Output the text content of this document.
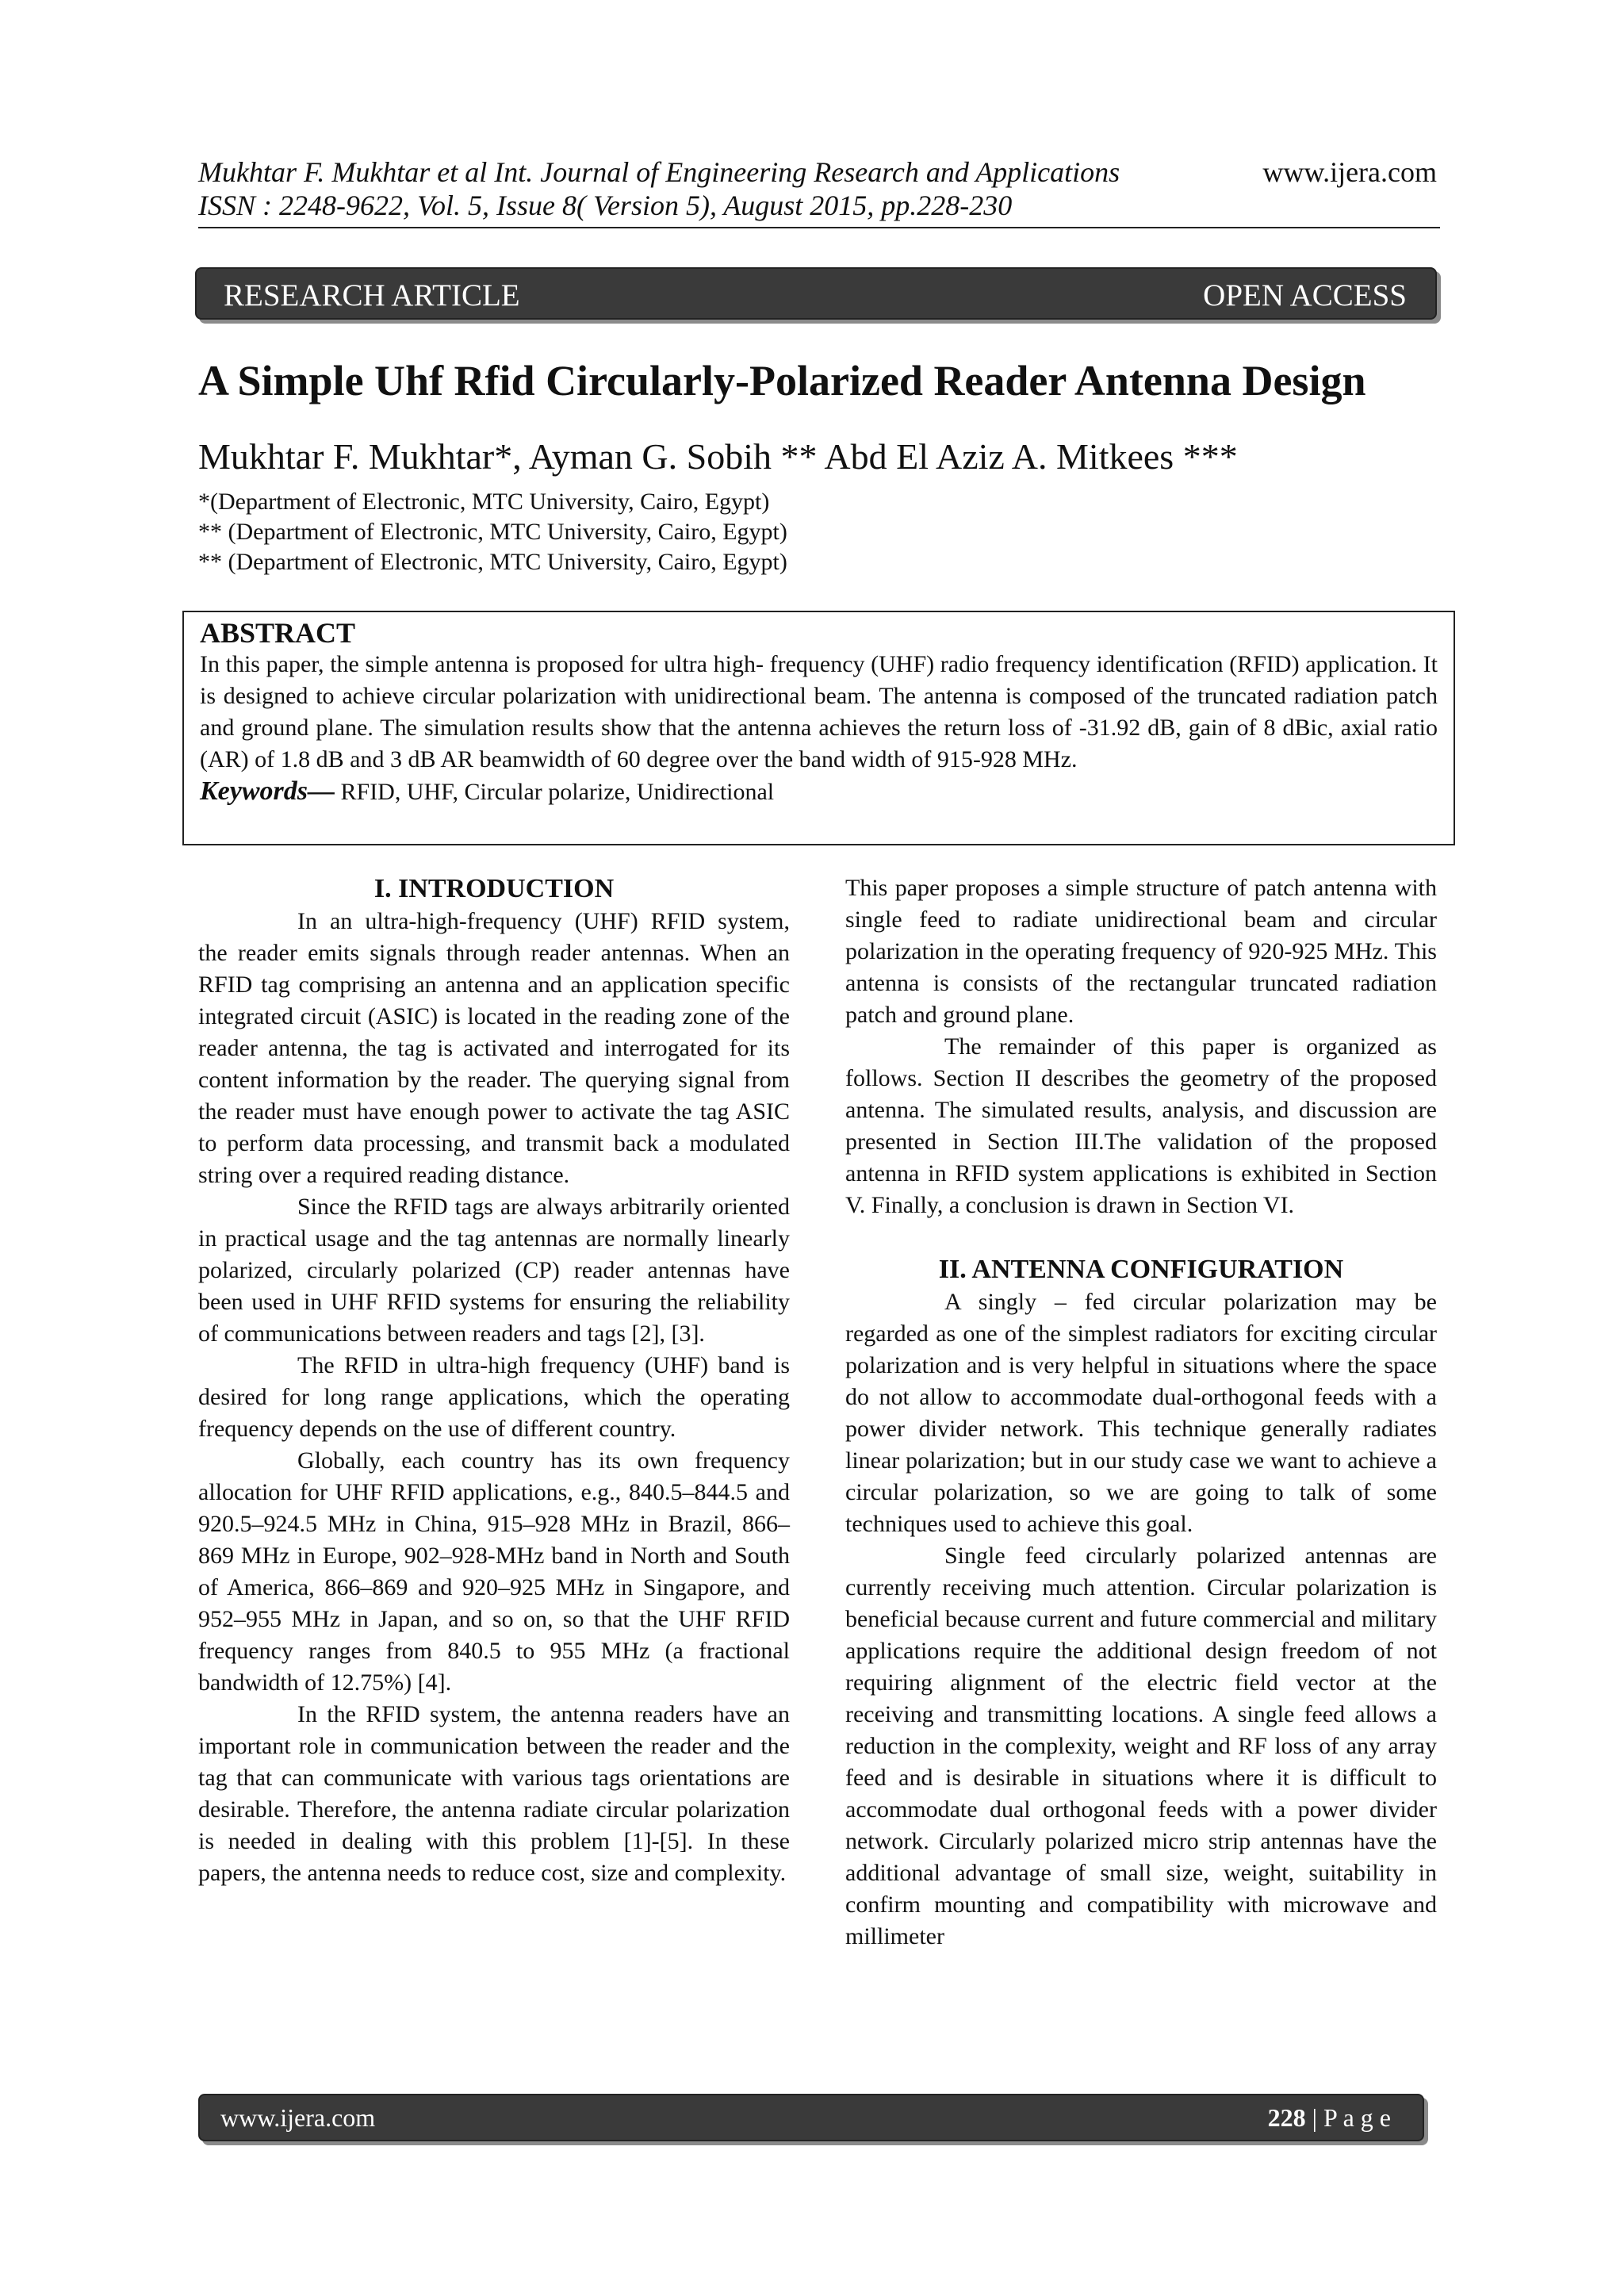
Mukhtar F. Mukhtar et al Int. Journal of Engineering Research and Applications
ISSN : 2248-9622, Vol. 5, Issue 8( Version 5), August 2015, pp.228-230
www.ijera.com
RESEARCH ARTICLE	OPEN ACCESS
A Simple Uhf Rfid Circularly-Polarized Reader Antenna Design
Mukhtar F. Mukhtar*, Ayman G. Sobih ** Abd El Aziz A. Mitkees ***
*(Department of Electronic, MTC University, Cairo, Egypt)
** (Department of Electronic, MTC University, Cairo, Egypt)
** (Department of Electronic, MTC University, Cairo, Egypt)
ABSTRACT

In this paper, the simple antenna is proposed for ultra high- frequency (UHF) radio frequency identification (RFID) application. It is designed to achieve circular polarization with unidirectional beam. The antenna is composed of the truncated radiation patch and ground plane. The simulation results show that the antenna achieves the return loss of -31.92 dB, gain of 8 dBic, axial ratio (AR) of 1.8 dB and 3 dB AR beamwidth of 60 degree over the band width of 915-928 MHz.

Keywords— RFID, UHF, Circular polarize, Unidirectional
I. INTRODUCTION

In an ultra-high-frequency (UHF) RFID system, the reader emits signals through reader antennas. When an RFID tag comprising an antenna and an application specific integrated circuit (ASIC) is located in the reading zone of the reader antenna, the tag is activated and interrogated for its content information by the reader. The querying signal from the reader must have enough power to activate the tag ASIC to perform data processing, and transmit back a modulated string over a required reading distance.

Since the RFID tags are always arbitrarily oriented in practical usage and the tag antennas are normally linearly polarized, circularly polarized (CP) reader antennas have been used in UHF RFID systems for ensuring the reliability of communications between readers and tags [2], [3].

The RFID in ultra-high frequency (UHF) band is desired for long range applications, which the operating frequency depends on the use of different country.

Globally, each country has its own frequency allocation for UHF RFID applications, e.g., 840.5–844.5 and 920.5–924.5 MHz in China, 915–928 MHz in Brazil, 866–869 MHz in Europe, 902–928-MHz band in North and South of America, 866–869 and 920–925 MHz in Singapore, and 952–955 MHz in Japan, and so on, so that the UHF RFID frequency ranges from 840.5 to 955 MHz (a fractional bandwidth of 12.75%) [4].

In the RFID system, the antenna readers have an important role in communication between the reader and the tag that can communicate with various tags orientations are desirable. Therefore, the antenna radiate circular polarization is needed in dealing with this problem [1]-[5]. In these papers, the antenna needs to reduce cost, size and complexity.

This paper proposes a simple structure of patch antenna with single feed to radiate unidirectional beam and circular polarization in the operating frequency of 920-925 MHz. This antenna is consists of the rectangular truncated radiation patch and ground plane.

The remainder of this paper is organized as follows. Section II describes the geometry of the proposed antenna. The simulated results, analysis, and discussion are presented in Section III.The validation of the proposed antenna in RFID system applications is exhibited in Section V. Finally, a conclusion is drawn in Section VI.

II. ANTENNA CONFIGURATION

A singly – fed circular polarization may be regarded as one of the simplest radiators for exciting circular polarization and is very helpful in situations where the space do not allow to accommodate dual-orthogonal feeds with a power divider network. This technique generally radiates linear polarization; but in our study case we want to achieve a circular polarization, so we are going to talk of some techniques used to achieve this goal.

Single feed circularly polarized antennas are currently receiving much attention. Circular polarization is beneficial because current and future commercial and military applications require the additional design freedom of not requiring alignment of the electric field vector at the receiving and transmitting locations. A single feed allows a reduction in the complexity, weight and RF loss of any array feed and is desirable in situations where it is difficult to accommodate dual orthogonal feeds with a power divider network. Circularly polarized micro strip antennas have the additional advantage of small size, weight, suitability in confirm mounting and compatibility with microwave and millimeter

www.ijera.com	228 | P a g e
